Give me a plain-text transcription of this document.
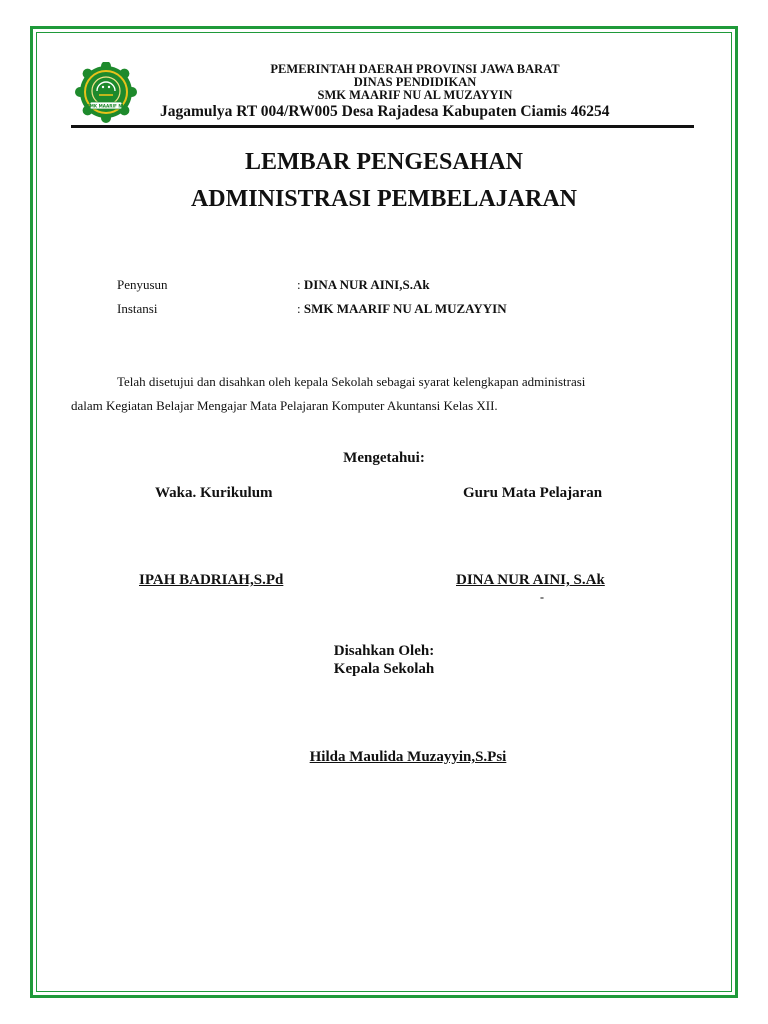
SMK MAARIF NU
PEMERINTAH DAERAH PROVINSI JAWA BARAT
DINAS PENDIDIKAN
SMK MAARIF NU AL MUZAYYIN
Jagamulya RT 004/RW005 Desa Rajadesa Kabupaten Ciamis 46254
LEMBAR PENGESAHAN
ADMINISTRASI PEMBELAJARAN
Penyusun	: DINA NUR AINI,S.Ak
Instansi	: SMK MAARIF NU AL MUZAYYIN
Telah disetujui dan disahkan oleh kepala Sekolah sebagai syarat kelengkapan administrasi
dalam Kegiatan Belajar Mengajar Mata Pelajaran Komputer Akuntansi Kelas XII.
Mengetahui:
Waka. Kurikulum	Guru Mata Pelajaran
IPAH BADRIAH,S.Pd	DINA NUR AINI, S.Ak
-
Disahkan Oleh:
Kepala Sekolah
Hilda Maulida Muzayyin,S.Psi
